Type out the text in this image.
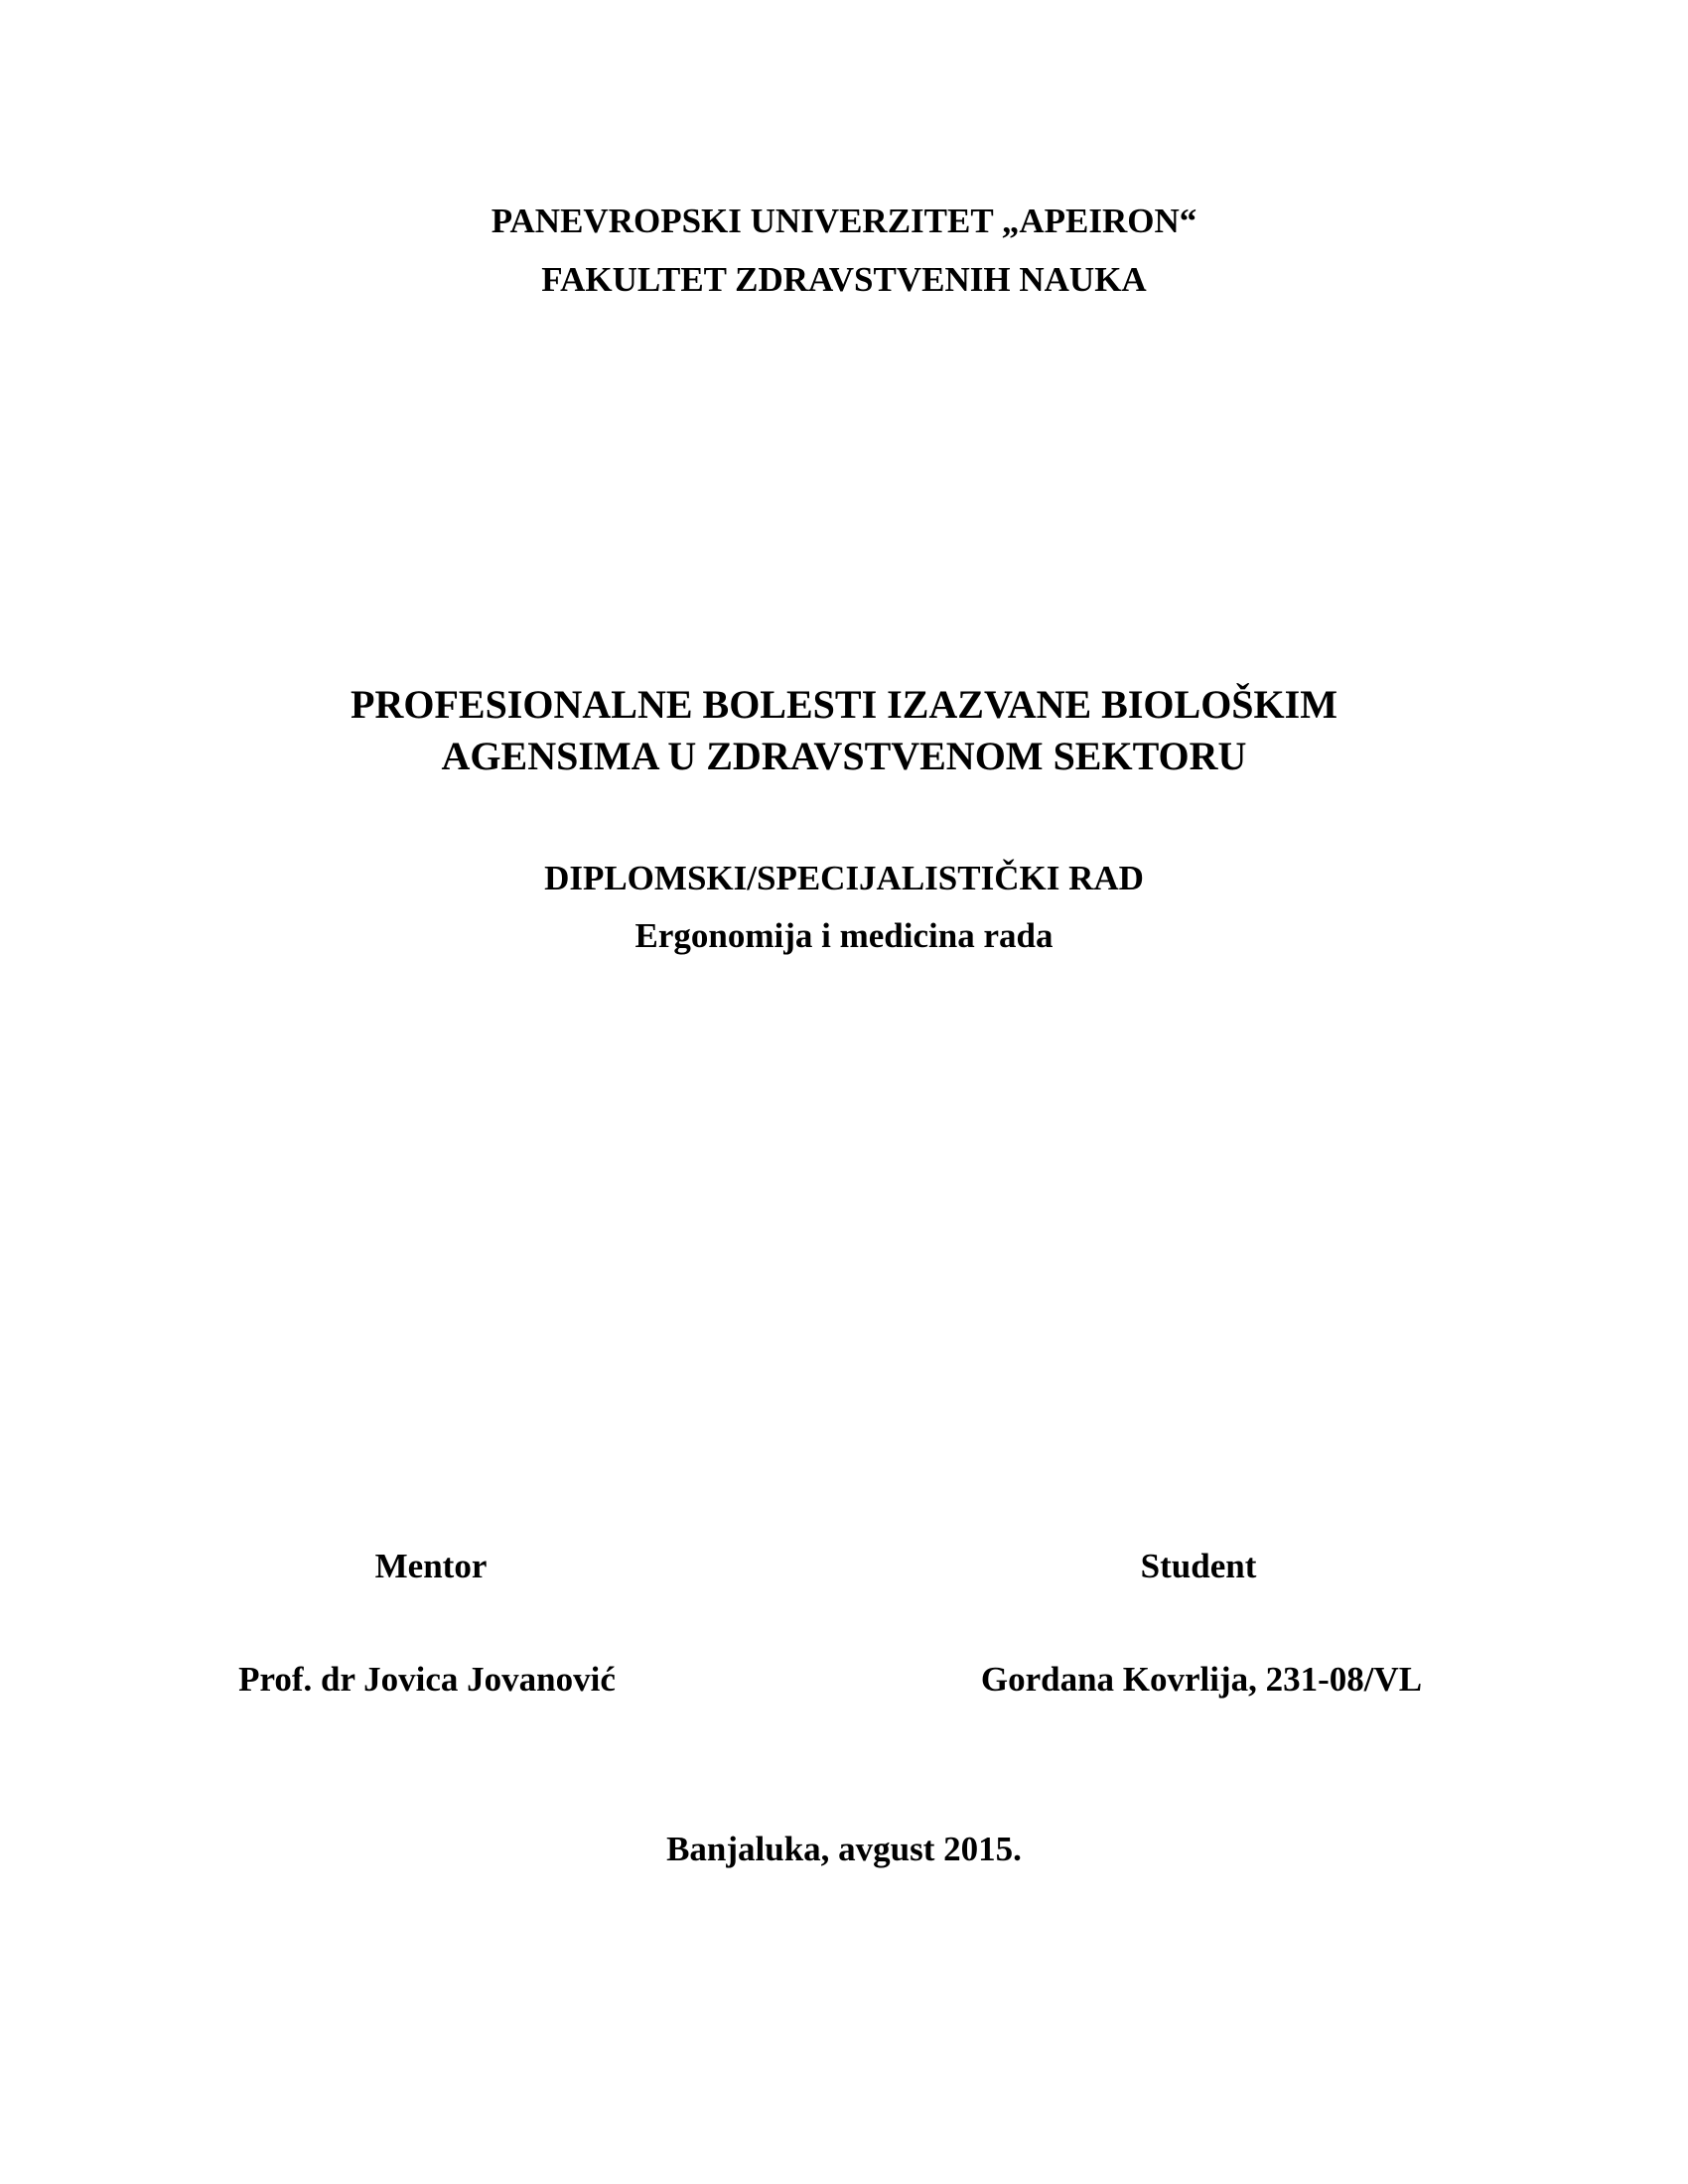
PANEVROPSKI UNIVERZITET „APEIRON“
FAKULTET ZDRAVSTVENIH NAUKA
PROFESIONALNE BOLESTI IZAZVANE BIOLOŠKIM
AGENSIMA U ZDRAVSTVENOM SEKTORU
DIPLOMSKI/SPECIJALISTIČKI RAD
Ergonomija i medicina rada
Mentor	Student
Prof. dr Jovica Jovanović	Gordana Kovrlija, 231-08/VL
Banjaluka, avgust 2015.
